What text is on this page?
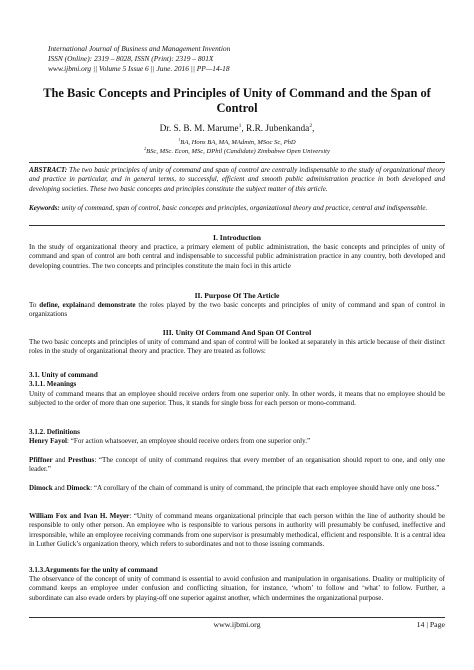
International Journal of Business and Management Invention
ISSN (Online): 2319 – 8028, ISSN (Print): 2319 – 801X
www.ijbmi.org || Volume 5 Issue 6 || June. 2016 || PP—14-18
The Basic Concepts and Principles of Unity of Command and the Span of Control
Dr. S. B. M. Marume$^1$, R.R. Jubenkanda$^2$,
$^1$BA, Hons BA, MA, MAdmin, MSoc Sc, PhD
$^2$BSc, MSc. Econ, MSc, DPhil (Candidate) Zimbabwe Open University
ABSTRACT: The two basic principles of unity of command and span of control are centrally indispensable to the study of organizational theory and practice in particular, and in general terms, to successful, efficient and smooth public administration practice in both developed and developing societies. These two basic concepts and principles constitute the subject matter of this article.
Keywords: unity of command, span of control, basic concepts and principles, organizational theory and practice, central and indispensable.
I. Introduction
In the study of organizational theory and practice, a primary element of public administration, the basic concepts and principles of unity of command and span of control are both central and indispensable to successful public administration practice in any country, both developed and developing countries. The two concepts and principles constitute the main foci in this article
II. Purpose Of The Article
To define, explainand demonstrate the roles played by the two basic concepts and principles of unity of command and span of control in organizations
III. Unity Of Command And Span Of Control
The two basic concepts and principles of unity of command and span of control will be looked at separately in this article because of their distinct roles in the study of organizational theory and practice. They are treated as follows:
3.1. Unity of command
3.1.1. Meanings
Unity of command means that an employee should receive orders from one superior only. In other words, it means that no employee should be subjected to the order of more than one superior. Thus, it stands for single boss for each person or mono-command.
3.1.2. Definitions
Henry Fayol: “For action whatsoever, an employee should receive orders from one superior only.”
Pfiffner and Presthus: “The concept of unity of command requires that every member of an organisation should report to one, and only one leader.”
Dimock and Dimock: “A corollary of the chain of command is unity of command, the principle that each employee should have only one boss.”
William Fox and Ivan H. Meyer: “Unity of command means organizational principle that each person within the line of authority should be responsible to only other person. An employee who is responsible to various persons in authority will presumably be confused, ineffective and irresponsible, while an employee receiving commands from one supervisor is presumably methodical, efficient and responsible. It is a central idea in Luther Gulick’s organization theory, which refers to subordinates and not to those issuing commands.
3.1.3.Arguments for the unity of command
The observance of the concept of unity of command is essential to avoid confusion and manipulation in organisations. Duality or multiplicity of command keeps an employee under confusion and conflicting situation, for instance, ‘whom’ to follow and ‘what’ to follow. Further, a subordinate can also evade orders by playing-off one superior against another, which undermines the organizational purpose.
www.ijbmi.org	14 | Page
